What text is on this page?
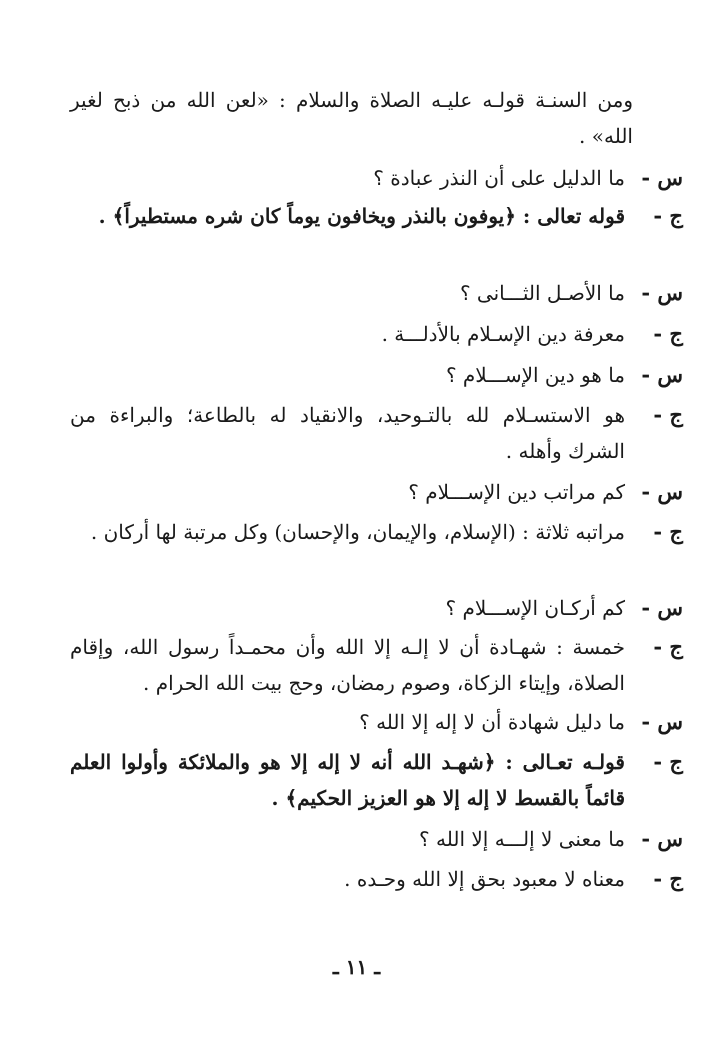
ومن السنـة قولـه عليـه الصلاة والسلام : «لعن الله من ذبح لغير الله» .
س -
ما الدليل على أن النذر عبادة ؟
ج -
قوله تعالى : ﴿يوفون بالنذر ويخافون يوماً كان شره مستطيراً﴾ .
س -
ما الأصـل الثـــانى ؟
ج -
معرفة دين الإسـلام بالأدلـــة .
س -
ما هو دين الإســـلام ؟
ج -
هو الاستسـلام لله بالتـوحيد، والانقياد له بالطاعة؛ والبراءة من الشرك وأهله .
س -
كم مراتب دين الإســـلام ؟
ج -
مراتبه ثلاثة : (الإسلام، والإيمان، والإحسان) وكل مرتبة لها أركان .
س -
كم أركـان الإســـلام ؟
ج -
خمسة : شهـادة أن لا إلـه إلا الله وأن محمـداً رسول الله، وإقام الصلاة، وإيتاء الزكاة، وصوم رمضان، وحج بيت الله الحرام .
س -
ما دليل شهادة أن لا إله إلا الله ؟
ج -
قولـه تعـالى : ﴿شهـد الله أنه لا إله إلا هو والملائكة وأولوا العلم قائماً بالقسط لا إله إلا هو العزيز الحكيم﴾ .
س -
ما معنى لا إلـــه إلا الله ؟
ج -
معناه لا معبود بحق إلا الله وحـده .
ـ ١١ ـ
